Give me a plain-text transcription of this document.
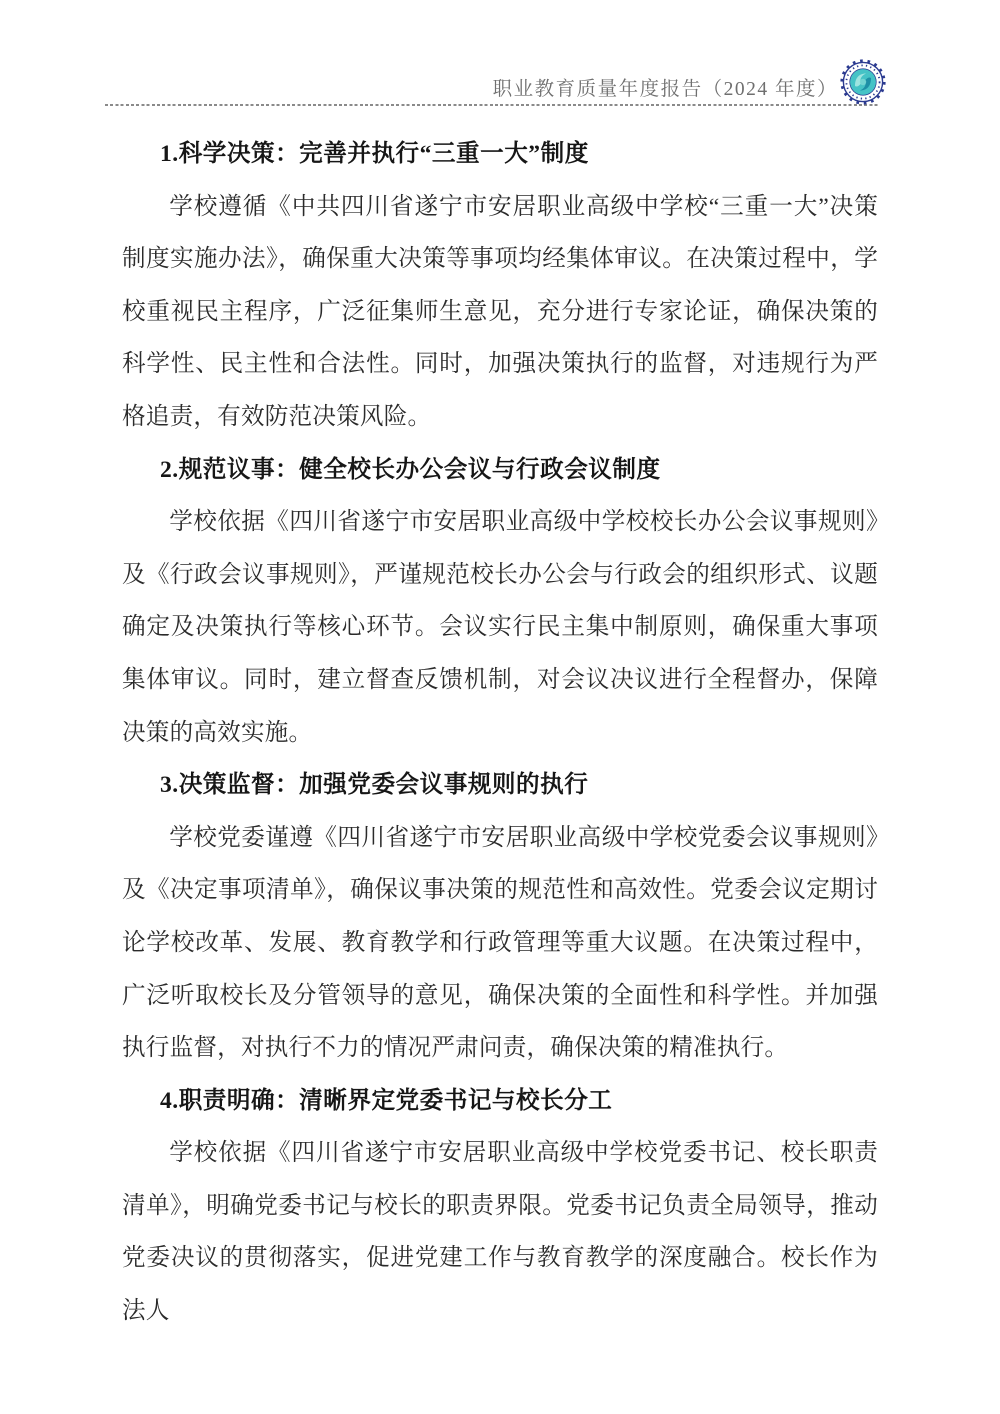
职业教育质量年度报告（2024 年度）
1.科学决策：完善并执行“三重一大”制度
学校遵循《中共四川省遂宁市安居职业高级中学校“三重一大”决策制度实施办法》，确保重大决策等事项均经集体审议。在决策过程中，学校重视民主程序，广泛征集师生意见，充分进行专家论证，确保决策的科学性、民主性和合法性。同时，加强决策执行的监督，对违规行为严格追责，有效防范决策风险。
2.规范议事：健全校长办公会议与行政会议制度
学校依据《四川省遂宁市安居职业高级中学校校长办公会议事规则》及《行政会议事规则》，严谨规范校长办公会与行政会的组织形式、议题确定及决策执行等核心环节。会议实行民主集中制原则，确保重大事项集体审议。同时，建立督查反馈机制，对会议决议进行全程督办，保障决策的高效实施。
3.决策监督：加强党委会议事规则的执行
学校党委谨遵《四川省遂宁市安居职业高级中学校党委会议事规则》及《决定事项清单》，确保议事决策的规范性和高效性。党委会议定期讨论学校改革、发展、教育教学和行政管理等重大议题。在决策过程中，广泛听取校长及分管领导的意见，确保决策的全面性和科学性。并加强执行监督，对执行不力的情况严肃问责，确保决策的精准执行。
4.职责明确：清晰界定党委书记与校长分工
学校依据《四川省遂宁市安居职业高级中学校党委书记、校长职责清单》，明确党委书记与校长的职责界限。党委书记负责全局领导，推动党委决议的贯彻落实，促进党建工作与教育教学的深度融合。校长作为法人
